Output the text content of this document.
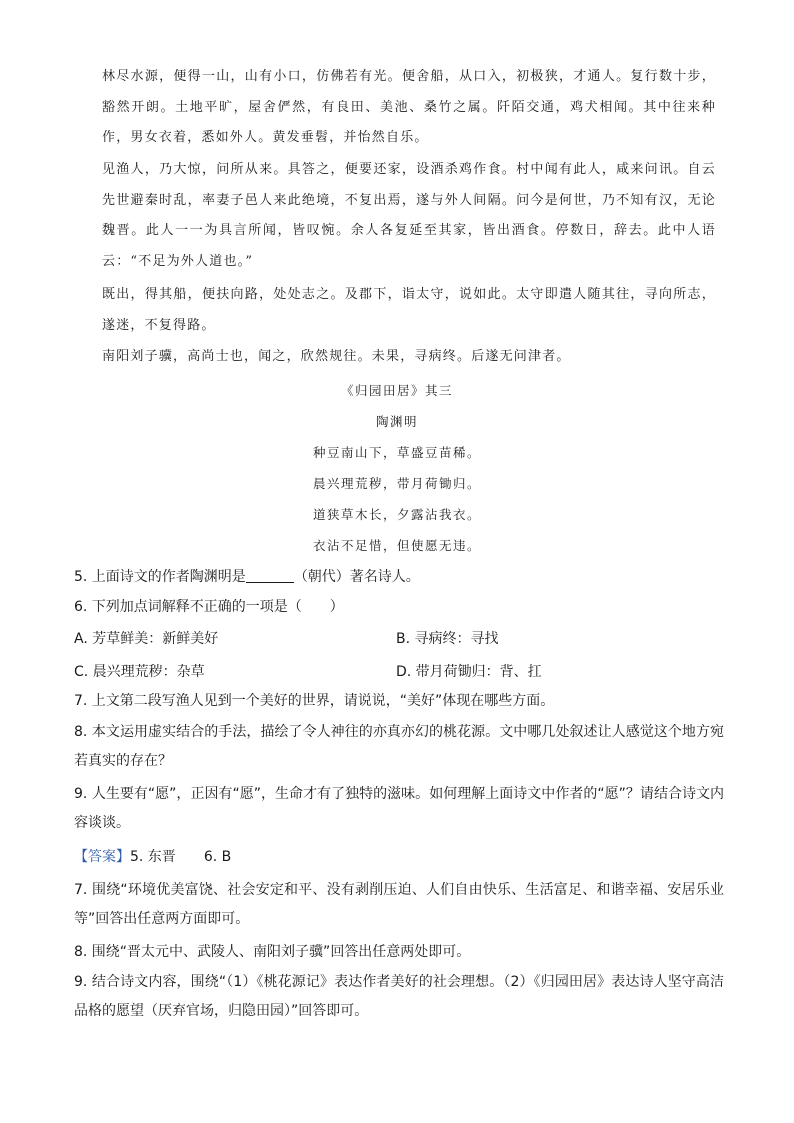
林尽水源，便得一山，山有小口，仿佛若有光。便舍船，从口入，初极狭，才通人。复行数十步，豁然开朗。土地平旷，屋舍俨然，有良田、美池、桑竹之属。阡陌交通，鸡犬相闻。其中往来种作，男女衣着，悉如外人。黄发垂髫，并怡然自乐。

见渔人，乃大惊，问所从来。具答之，便要还家，设酒杀鸡作食。村中闻有此人，咸来问讯。自云先世避秦时乱，率妻子邑人来此绝境，不复出焉，遂与外人间隔。问今是何世，乃不知有汉，无论魏晋。此人一一为具言所闻，皆叹惋。余人各复延至其家，皆出酒食。停数日，辞去。此中人语云：“不足为外人道也。”

既出，得其船，便扶向路，处处志之。及郡下，诣太守，说如此。太守即遣人随其往，寻向所志，遂迷，不复得路。

南阳刘子骥，高尚士也，闻之，欣然规往。未果，寻病终。后遂无问津者。

《归园田居》其三
陶渊明
种豆南山下，草盛豆苗稀。
晨兴理荒秽，带月荷锄归。
道狭草木长，夕露沾我衣。
衣沾不足惜，但使愿无违。
5. 上面诗文的作者陶渊明是	（朝代）著名诗人。
6. 下列加点词解释不正确的一项是（　　）
A. 芳草鲜美：新鲜美好	B. 寻病终：寻找
C. 晨兴理荒秽：杂草	D. 带月荷锄归：背、扛
7. 上文第二段写渔人见到一个美好的世界，请说说，“美好”体现在哪些方面。
8. 本文运用虚实结合的手法，描绘了令人神往的亦真亦幻的桃花源。文中哪几处叙述让人感觉这个地方宛若真实的存在？
9. 人生要有“愿”，正因有“愿”，生命才有了独特的滋味。如何理解上面诗文中作者的“愿”？请结合诗文内容谈谈。
【答案】5. 东晋 6. B
7. 围绕“环境优美富饶、社会安定和平、没有剥削压迫、人们自由快乐、生活富足、和谐幸福、安居乐业等”回答出任意两方面即可。
8. 围绕“晋太元中、武陵人、南阳刘子骥”回答出任意两处即可。
9. 结合诗文内容，围绕“（1）《桃花源记》表达作者美好的社会理想。（2）《归园田居》表达诗人坚守高洁品格的愿望（厌弃官场，归隐田园）”回答即可。
